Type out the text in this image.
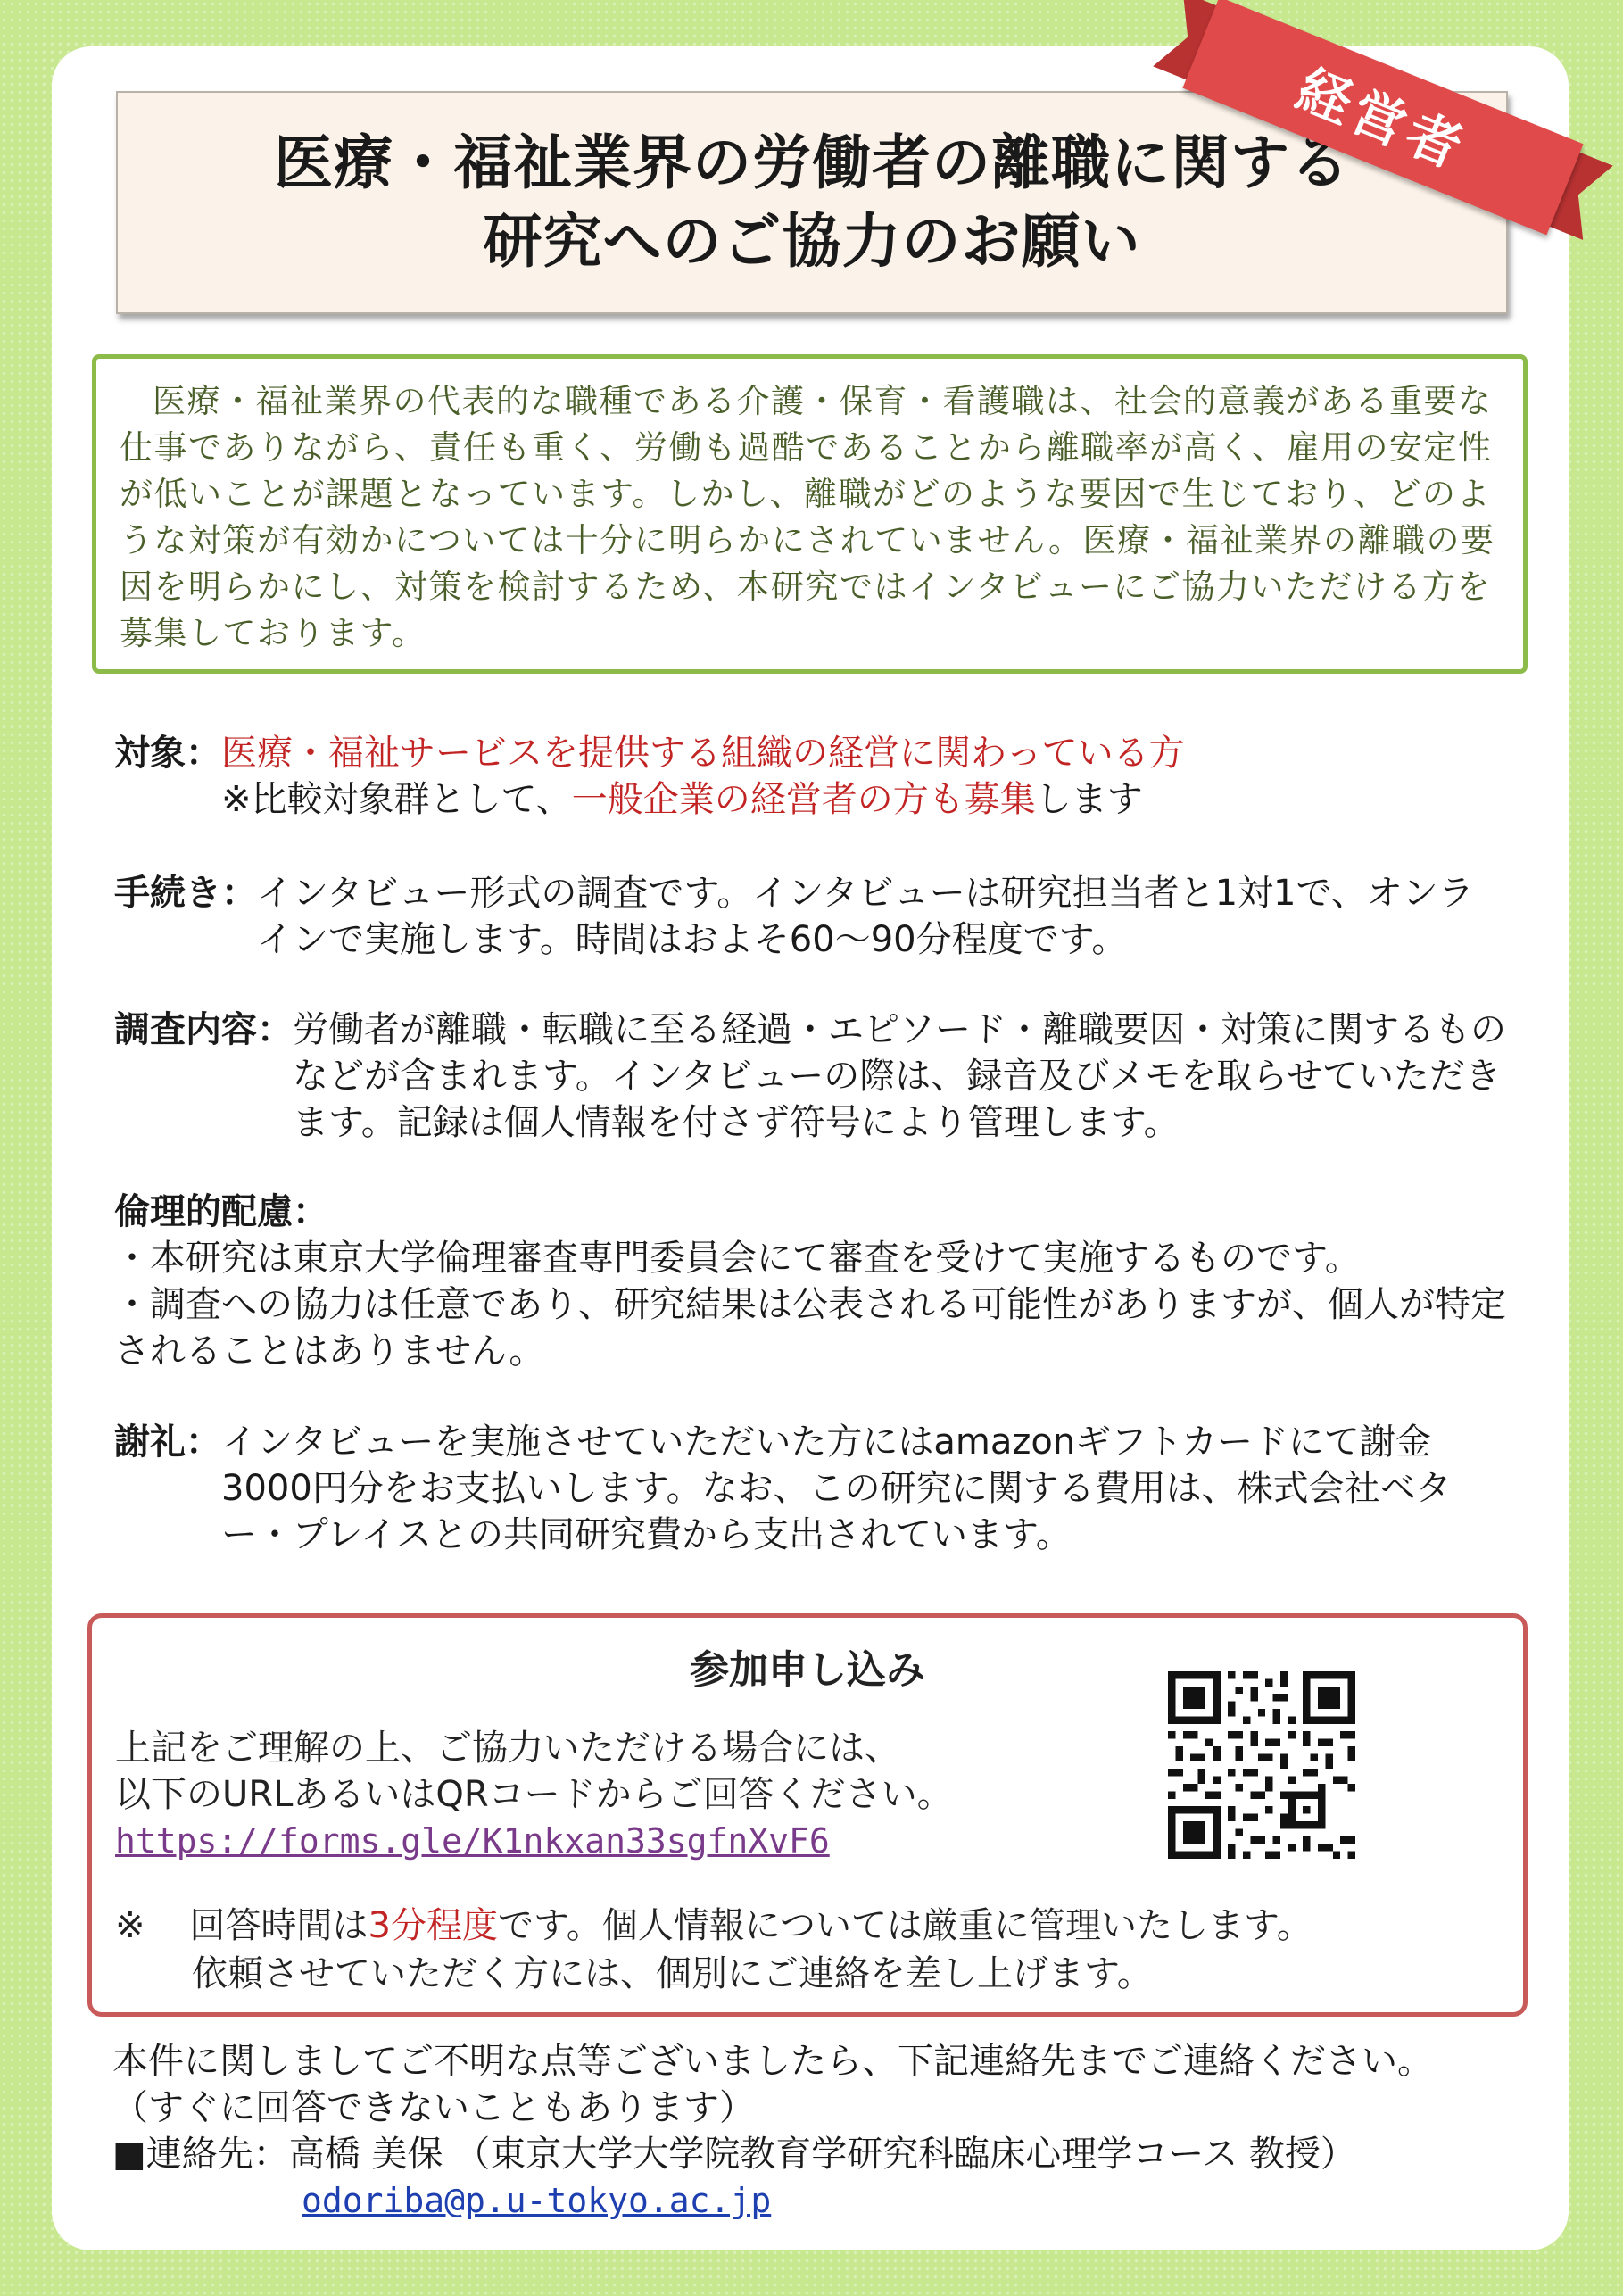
医療・福祉業界の労働者の離職に関する
研究へのご協力のお願い
経営者

医療・福祉業界の代表的な職種である介護・保育・看護職は、社会的意義がある重要な仕事でありながら、責任も重く、労働も過酷であることから離職率が高く、雇用の安定性が低いことが課題となっています。しかし、離職がどのような要因で生じており、どのような対策が有効かについては十分に明らかにされていません。医療・福祉業界の離職の要因を明らかにし、対策を検討するため、本研究ではインタビューにご協力いただける方を募集しております。

対象： 医療・福祉サービスを提供する組織の経営に関わっている方
※比較対象群として、一般企業の経営者の方も募集します
手続き： インタビュー形式の調査です。インタビューは研究担当者と1対1で、オンラインで実施します。時間はおよそ60～90分程度です。
調査内容： 労働者が離職・転職に至る経過・エピソード・離職要因・対策に関するものなどが含まれます。インタビューの際は、録音及びメモを取らせていただきます。記録は個人情報を付さず符号により管理します。
倫理的配慮：
・本研究は東京大学倫理審査専門委員会にて審査を受けて実施するものです。
・調査への協力は任意であり、研究結果は公表される可能性がありますが、個人が特定されることはありません。
謝礼： インタビューを実施させていただいた方にはamazonギフトカードにて謝金3000円分をお支払いします。なお、この研究に関する費用は、株式会社ベター・プレイスとの共同研究費から支出されています。
参加申し込み
上記をご理解の上、ご協力いただける場合には、
以下のURLあるいはQRコードからご回答ください。
https://forms.gle/K1nkxan33sgfnXvF6
※ 回答時間は3分程度です。個人情報については厳重に管理いたします。
依頼させていただく方には、個別にご連絡を差し上げます。
本件に関しましてご不明な点等ございましたら、下記連絡先までご連絡ください。
（すぐに回答できないこともあります）
■連絡先：高橋 美保 （東京大学大学院教育学研究科臨床心理学コース 教授）
odoriba@p.u-tokyo.ac.jp
